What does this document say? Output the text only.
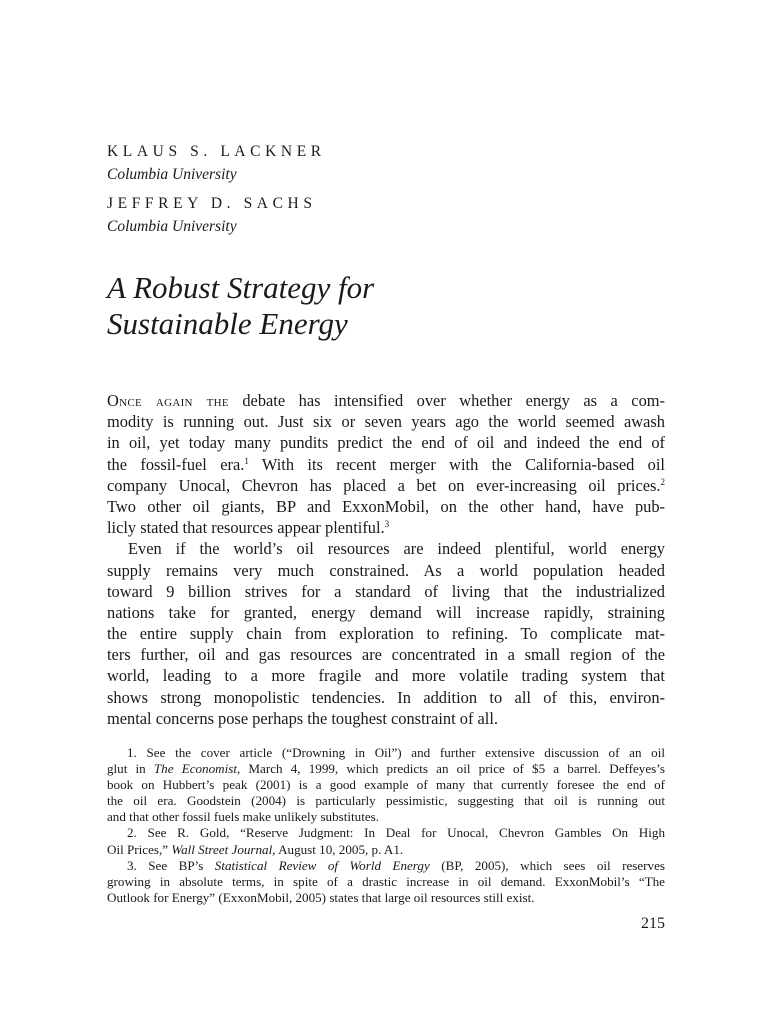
KLAUS S. LACKNER
Columbia University
JEFFREY D. SACHS
Columbia University
A Robust Strategy for
Sustainable Energy
Once again the debate has intensified over whether energy as a com-
modity is running out. Just six or seven years ago the world seemed awash
in oil, yet today many pundits predict the end of oil and indeed the end of
the fossil-fuel era.$^1$ With its recent merger with the California-based oil
company Unocal, Chevron has placed a bet on ever-increasing oil prices.$^2$
Two other oil giants, BP and ExxonMobil, on the other hand, have pub-
licly stated that resources appear plentiful.$^3$
Even if the world’s oil resources are indeed plentiful, world energy
supply remains very much constrained. As a world population headed
toward 9 billion strives for a standard of living that the industrialized
nations take for granted, energy demand will increase rapidly, straining
the entire supply chain from exploration to refining. To complicate mat-
ters further, oil and gas resources are concentrated in a small region of the
world, leading to a more fragile and more volatile trading system that
shows strong monopolistic tendencies. In addition to all of this, environ-
mental concerns pose perhaps the toughest constraint of all.
1. See the cover article (“Drowning in Oil”) and further extensive discussion of an oil
glut in The Economist, March 4, 1999, which predicts an oil price of $5 a barrel. Deffeyes’s
book on Hubbert’s peak (2001) is a good example of many that currently foresee the end of
the oil era. Goodstein (2004) is particularly pessimistic, suggesting that oil is running out
and that other fossil fuels make unlikely substitutes.
2. See R. Gold, “Reserve Judgment: In Deal for Unocal, Chevron Gambles On High
Oil Prices,” Wall Street Journal, August 10, 2005, p. A1.
3. See BP’s Statistical Review of World Energy (BP, 2005), which sees oil reserves
growing in absolute terms, in spite of a drastic increase in oil demand. ExxonMobil’s “The
Outlook for Energy” (ExxonMobil, 2005) states that large oil resources still exist.
215
